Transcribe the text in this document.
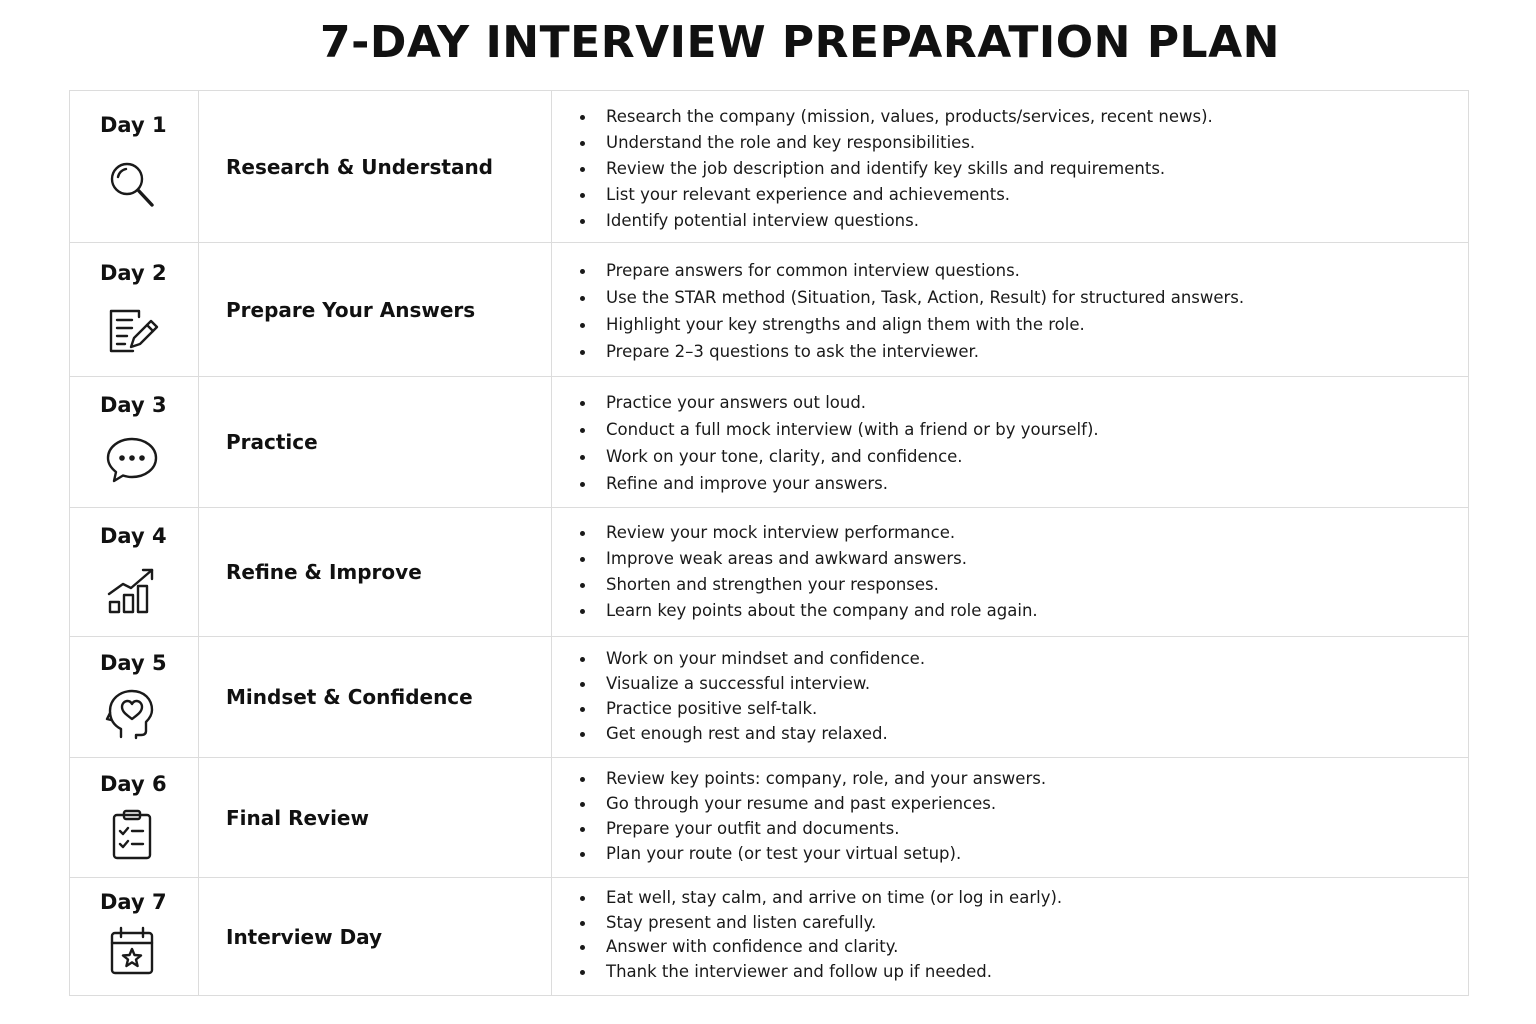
7-DAY INTERVIEW PREPARATION PLAN
Day 1
Research & Understand
Research the company (mission, values, products/services, recent news).
Understand the role and key responsibilities.
Review the job description and identify key skills and requirements.
List your relevant experience and achievements.
Identify potential interview questions.
Day 2
Prepare Your Answers
Prepare answers for common interview questions.
Use the STAR method (Situation, Task, Action, Result) for structured answers.
Highlight your key strengths and align them with the role.
Prepare 2–3 questions to ask the interviewer.
Day 3
Practice
Practice your answers out loud.
Conduct a full mock interview (with a friend or by yourself).
Work on your tone, clarity, and confidence.
Refine and improve your answers.
Day 4
Refine & Improve
Review your mock interview performance.
Improve weak areas and awkward answers.
Shorten and strengthen your responses.
Learn key points about the company and role again.
Day 5
Mindset & Confidence
Work on your mindset and confidence.
Visualize a successful interview.
Practice positive self-talk.
Get enough rest and stay relaxed.
Day 6
Final Review
Review key points: company, role, and your answers.
Go through your resume and past experiences.
Prepare your outfit and documents.
Plan your route (or test your virtual setup).
Day 7
Interview Day
Eat well, stay calm, and arrive on time (or log in early).
Stay present and listen carefully.
Answer with confidence and clarity.
Thank the interviewer and follow up if needed.
